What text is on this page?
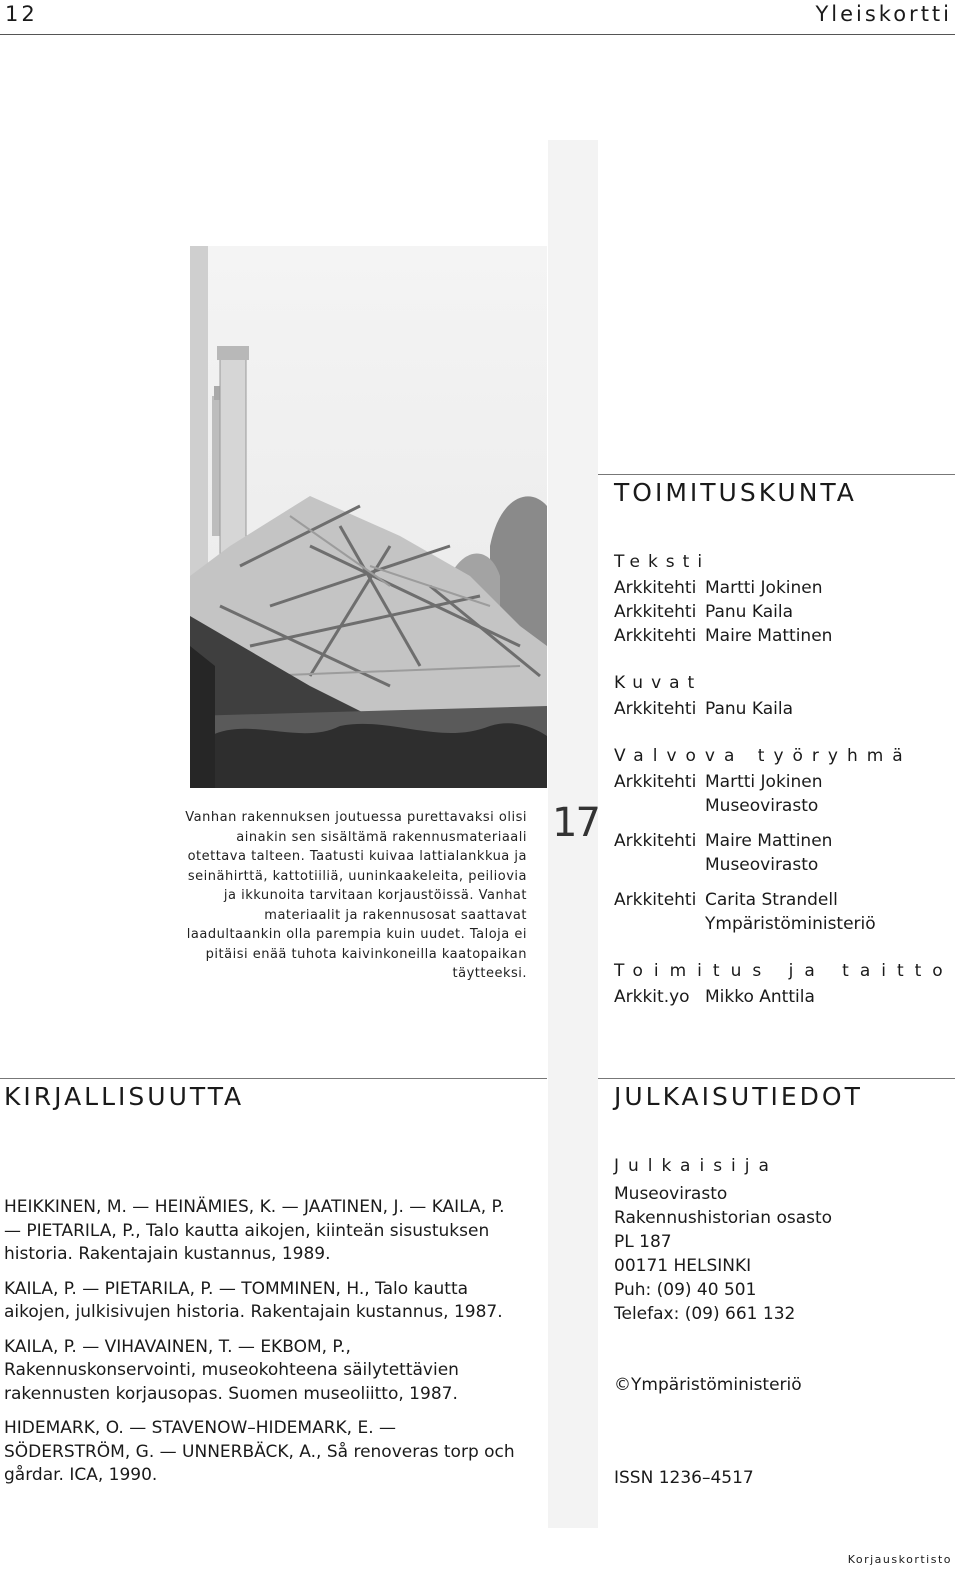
12	Yleiskortti
Vanhan rakennuksen joutuessa purettavaksi olisi ainakin sen sisältämä rakennusmateriaali otettava talteen. Taatusti kuivaa lattialankkua ja seinähirttä, kattotiiliä, uuninkaakeleita, peiliovia ja ikkunoita tarvitaan korjaustöissä. Vanhat materiaalit ja rakennusosat saattavat laadultaankin olla parempia kuin uudet. Taloja ei pitäisi enää tuhota kaivinkoneilla kaatopaikan täytteeksi.
17
TOIMITUSKUNTA
Teksti
Arkkitehti Martti Jokinen
Arkkitehti Panu Kaila
Arkkitehti Maire Mattinen
Kuvat
Arkkitehti Panu Kaila
Valvova työryhmä
Arkkitehti Martti Jokinen
Museovirasto
Arkkitehti Maire Mattinen
Museovirasto
Arkkitehti Carita Strandell
Ympäristöministeriö
Toimitus ja taitto
Arkkit.yo Mikko Anttila
KIRJALLISUUTTA

HEIKKINEN, M. — HEINÄMIES, K. — JAATINEN, J. — KAILA, P. — PIETARILA, P., Talo kautta aikojen, kiinteän sisustuksen historia. Rakentajain kustannus, 1989.

KAILA, P. — PIETARILA, P. — TOMMINEN, H., Talo kautta aikojen, julkisivujen historia. Rakentajain kustannus, 1987.

KAILA, P. — VIHAVAINEN, T. — EKBOM, P., Rakennuskonservointi, museokohteena säilytettävien rakennusten korjausopas. Suomen museoliitto, 1987.

HIDEMARK, O. — STAVENOW–HIDEMARK, E. — SÖDERSTRÖM, G. — UNNERBÄCK, A., Så renoveras torp och gårdar. ICA, 1990.

JULKAISUTIEDOT
Julkaisija
Museovirasto
Rakennushistorian osasto
PL 187
00171 HELSINKI
Puh: (09) 40 501
Telefax: (09) 661 132
©Ympäristöministeriö
ISSN 1236–4517
Korjauskortisto
